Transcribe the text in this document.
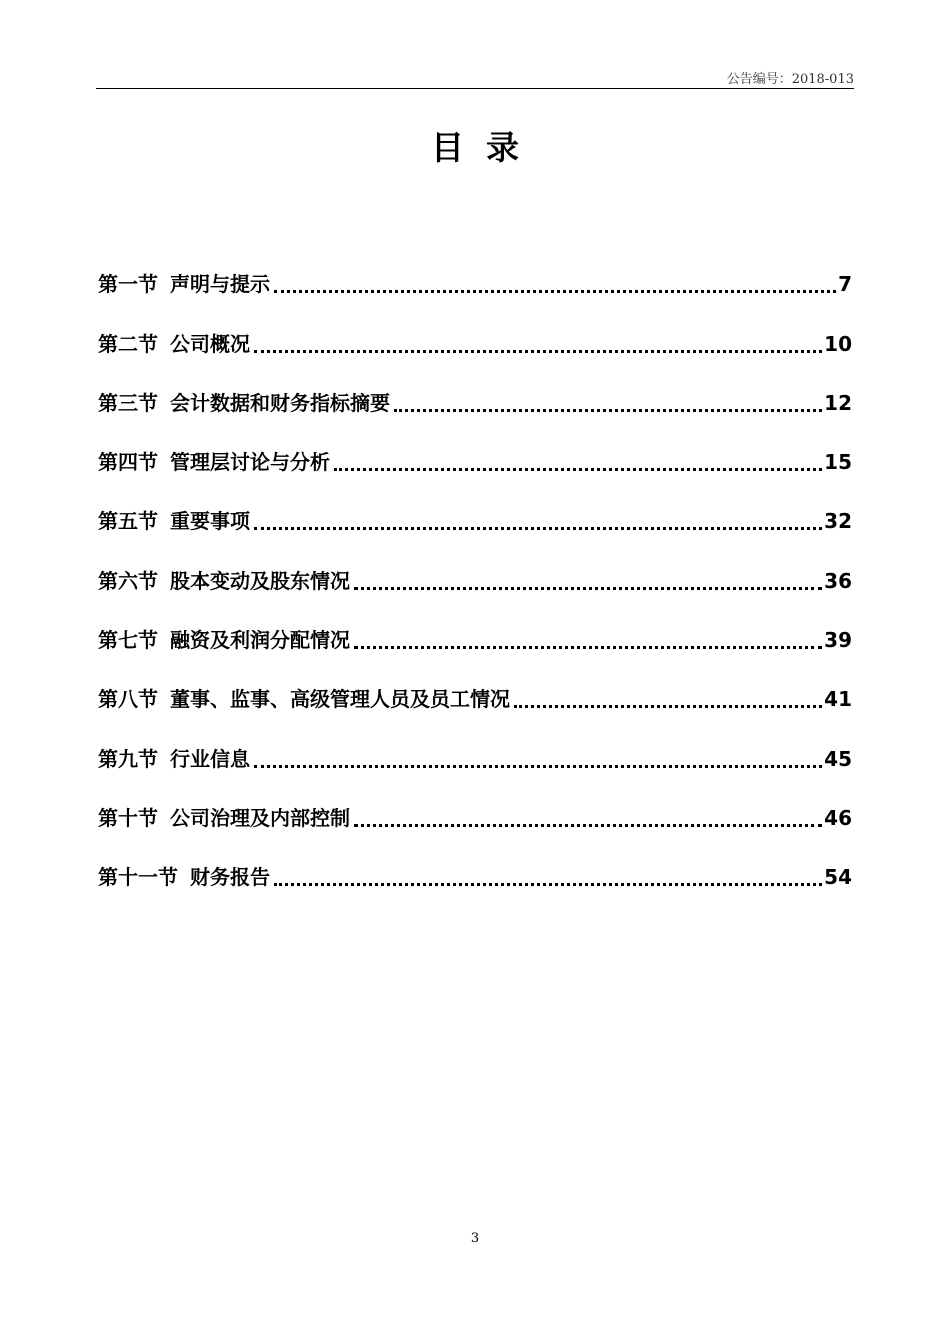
公告编号：2018-013
目录
第一节 声明与提示	7
第二节 公司概况	10
第三节 会计数据和财务指标摘要	12
第四节 管理层讨论与分析	15
第五节 重要事项	32
第六节 股本变动及股东情况	36
第七节 融资及利润分配情况	39
第八节 董事、监事、高级管理人员及员工情况	41
第九节 行业信息	45
第十节 公司治理及内部控制	46
第十一节 财务报告	54
3
